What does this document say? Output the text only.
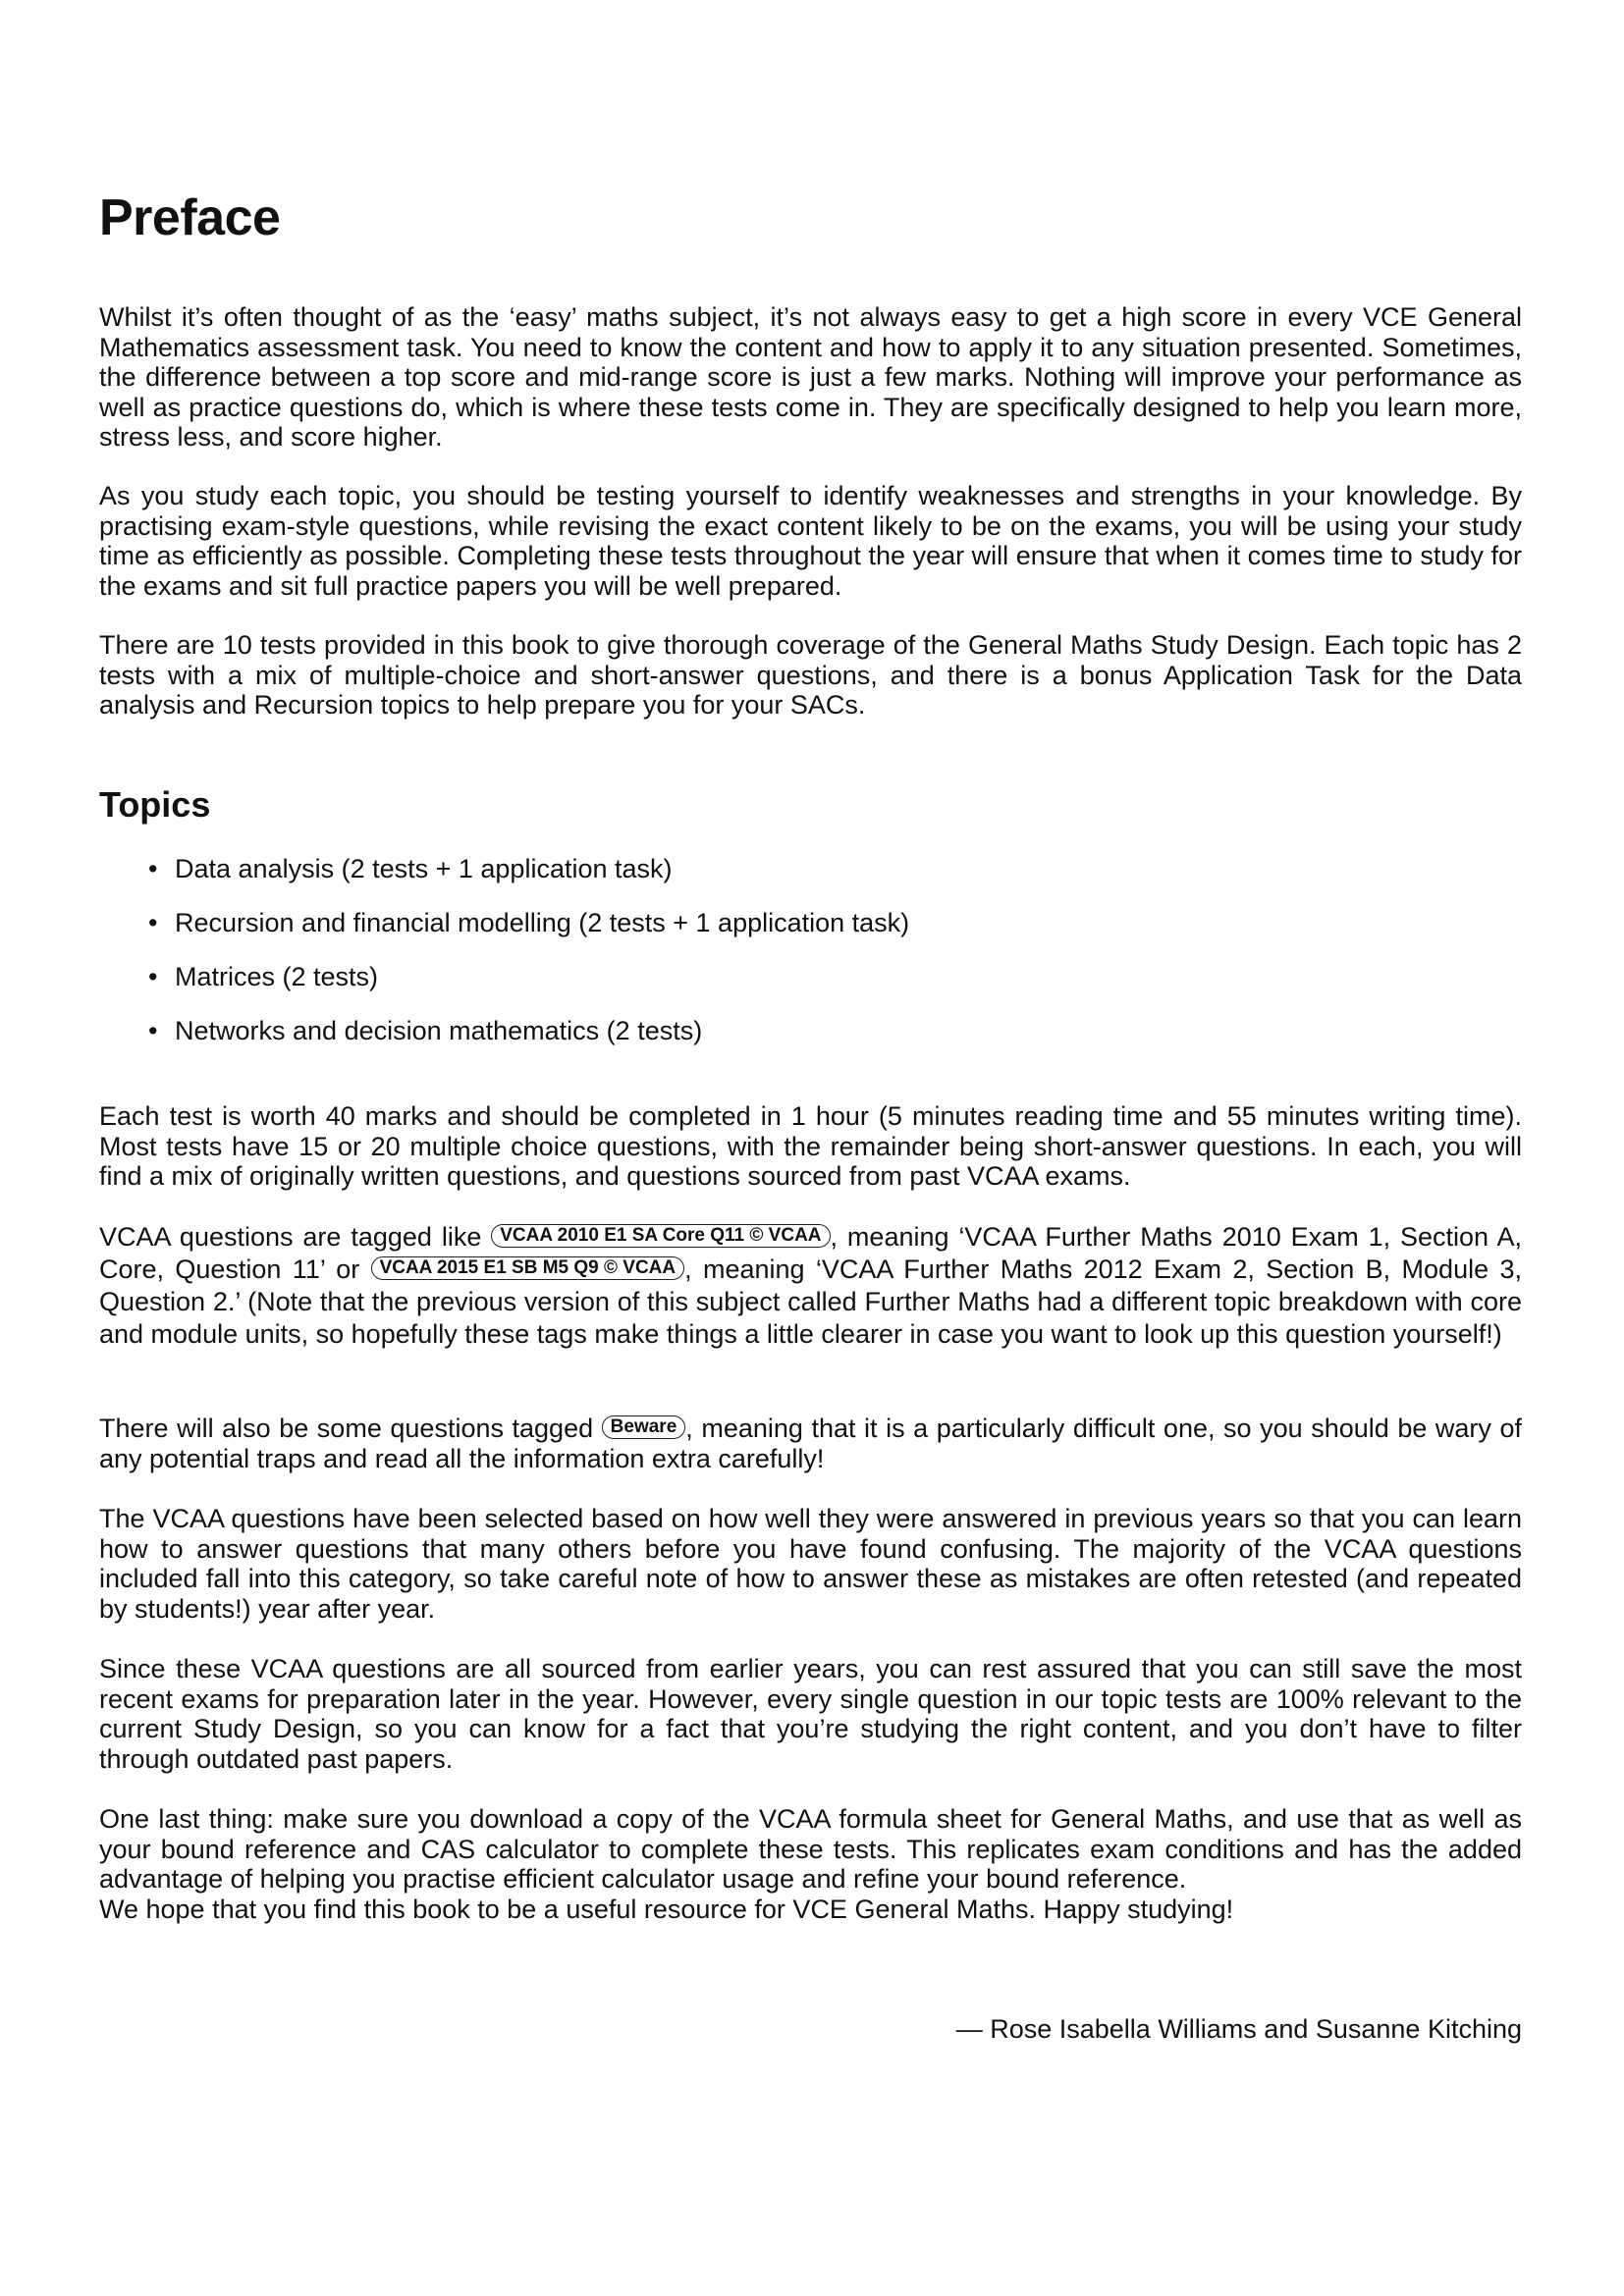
Preface

Whilst it’s often thought of as the ‘easy’ maths subject, it’s not always easy to get a high score in every VCE General Mathematics assessment task. You need to know the content and how to apply it to any situation presented. Sometimes, the difference between a top score and mid-range score is just a few marks. Nothing will improve your performance as well as practice questions do, which is where these tests come in. They are specifically designed to help you learn more, stress less, and score higher.

As you study each topic, you should be testing yourself to identify weaknesses and strengths in your knowledge. By practising exam-style questions, while revising the exact content likely to be on the exams, you will be using your study time as efficiently as possible. Completing these tests throughout the year will ensure that when it comes time to study for the exams and sit full practice papers you will be well prepared.

There are 10 tests provided in this book to give thorough coverage of the General Maths Study Design. Each topic has 2 tests with a mix of multiple-choice and short-answer questions, and there is a bonus Application Task for the Data analysis and Recursion topics to help prepare you for your SACs.

Topics
• Data analysis (2 tests + 1 application task)
• Recursion and financial modelling (2 tests + 1 application task)
• Matrices (2 tests)
• Networks and decision mathematics (2 tests)

Each test is worth 40 marks and should be completed in 1 hour (5 minutes reading time and 55 minutes writing time). Most tests have 15 or 20 multiple choice questions, with the remainder being short-answer questions. In each, you will find a mix of originally written questions, and questions sourced from past VCAA exams.

VCAA questions are tagged like VCAA 2010 E1 SA Core Q11 © VCAA , meaning ‘VCAA Further Maths 2010 Exam 1, Section A, Core, Question 11’ or VCAA 2015 E1 SB M5 Q9 © VCAA , meaning ‘VCAA Further Maths 2012 Exam 2, Section B, Module 3, Question 2.’ (Note that the previous version of this subject called Further Maths had a different topic breakdown with core and module units, so hopefully these tags make things a little clearer in case you want to look up this question yourself!)

There will also be some questions tagged Beware , meaning that it is a particularly difficult one, so you should be wary of any potential traps and read all the information extra carefully!

The VCAA questions have been selected based on how well they were answered in previous years so that you can learn how to answer questions that many others before you have found confusing. The majority of the VCAA questions included fall into this category, so take careful note of how to answer these as mistakes are often retested (and repeated by students!) year after year.

Since these VCAA questions are all sourced from earlier years, you can rest assured that you can still save the most recent exams for preparation later in the year. However, every single question in our topic tests are 100% relevant to the current Study Design, so you can know for a fact that you’re studying the right content, and you don’t have to filter through outdated past papers.

One last thing: make sure you download a copy of the VCAA formula sheet for General Maths, and use that as well as your bound reference and CAS calculator to complete these tests. This replicates exam conditions and has the added advantage of helping you practise efficient calculator usage and refine your bound reference.

We hope that you find this book to be a useful resource for VCE General Maths. Happy studying!

— Rose Isabella Williams and Susanne Kitching
